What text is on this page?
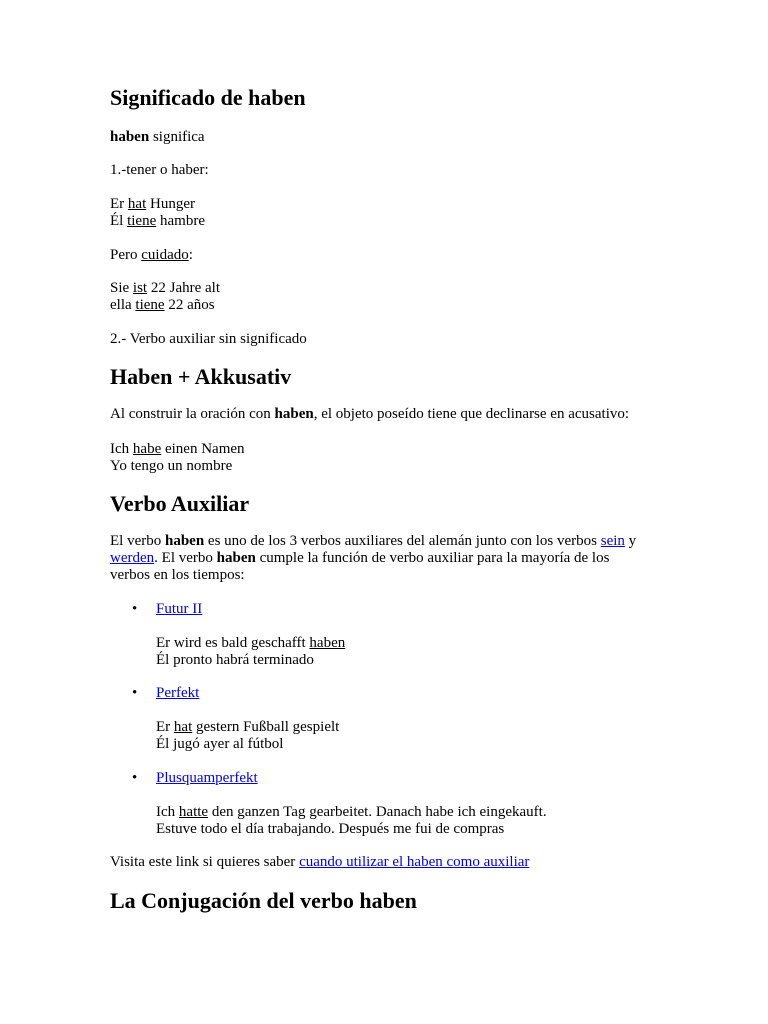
Significado de haben
haben significa
1.-tener o haber:
Er hat Hunger
Él tiene hambre
Pero cuidado:
Sie ist 22 Jahre alt
ella tiene 22 años
2.- Verbo auxiliar sin significado
Haben + Akkusativ
Al construir la oración con haben, el objeto poseído tiene que declinarse en acusativo:
Ich habe einen Namen
Yo tengo un nombre
Verbo Auxiliar
El verbo haben es uno de los 3 verbos auxiliares del alemán junto con los verbos sein y
werden. El verbo haben cumple la función de verbo auxiliar para la mayoría de los
verbos en los tiempos:
• Futur II
Er wird es bald geschafft haben
Él pronto habrá terminado
• Perfekt
Er hat gestern Fußball gespielt
Él jugó ayer al fútbol
• Plusquamperfekt
Ich hatte den ganzen Tag gearbeitet. Danach habe ich eingekauft.
Estuve todo el día trabajando. Después me fui de compras
Visita este link si quieres saber cuando utilizar el haben como auxiliar
La Conjugación del verbo haben
